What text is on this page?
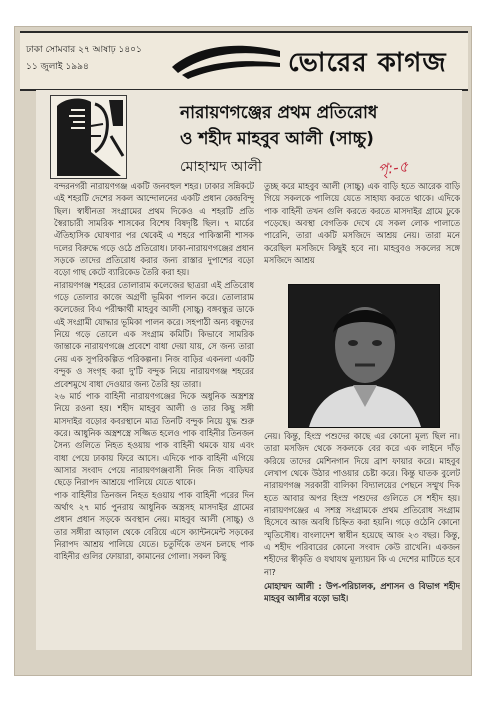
ঢাকা সোমবার ২৭ আষাঢ় ১৪০১
১১ জুলাই ১৯৯৪	ভোরের কাগজ
নারায়ণগঞ্জের প্রথম প্রতিরোধ
ও শহীদ মাহবুব আলী (সাচ্চু)
মোহাম্মদ আলী	পৃ:-৫

বন্দরনগরী নারায়ণগঞ্জ একটি জনবহুল শহর। ঢাকার সন্নিকটে এই শহরটি দেশের সকল আন্দোলনের একটি প্রধান কেন্দ্রবিন্দু ছিল। স্বাধীনতা সংগ্রামের প্রথম দিকেও এ শহরটি প্রতি স্বৈরাচারী সামরিক শাসকের বিশেষ বিষদৃষ্টি ছিল। ৭ মার্চের ঐতিহাসিক ঘোষণার পর থেকেই এ শহরে পাকিস্তানী শাসক দলের বিরুদ্ধে গড়ে ওঠে প্রতিরোধ। ঢাকা-নারায়ণগঞ্জের প্রধান সড়কে তাদের প্রতিরোধ করার জন্য রাস্তার দুপাশের বড়ো বড়ো গাছ কেটে ব্যারিকেড তৈরি করা হয়।

নারায়ণগঞ্জ শহরের তোলারাম কলেজের ছাত্ররা এই প্রতিরোধ গড়ে তোলার কাজে অগ্রণী ভূমিকা পালন করে। তোলারাম কলেজের বিএ পরীক্ষার্থী মাহবুব আলী (সাচ্চু) বঙ্গবন্ধুর ডাকে এই সংগ্রামী যোদ্ধার ভূমিকা পালন করে। সহপাঠী অন্য বন্ধুদের নিয়ে গড়ে তোলে এক সংগ্রাম কমিটি। কিভাবে সামরিক জান্তাকে নারায়ণগঞ্জে প্রবেশে বাধা দেয়া যায়, সে জন্য তারা নেয় এক সুপরিকল্পিত পরিকল্পনা। নিজ বাড়ির একনলা একটি বন্দুক ও সংগৃহ করা দু'টি বন্দুক নিয়ে নারায়ণগঞ্জ শহরের প্রবেশমুখে বাধা দেওয়ার জন্য তৈরি হয় তারা।

২৬ মার্চ পাক বাহিনী নারায়ণগঞ্জের দিকে অধুনিক অস্ত্রশস্ত্র নিয়ে রওনা হয়। শহীদ মাহবুব আলী ও তার কিছু সঙ্গী মাসদাইর বড়োর কবরস্থানে মাত্র তিনটি বন্দুক নিয়ে যুদ্ধ শুরু করে। আধুনিক অস্ত্রশস্ত্রে সজ্জিত হলেও পাক বাহিনীর তিনজন সৈন্য গুলিতে নিহত হওয়ায় পাক বাহিনী থমকে যায় এবং বাধা পেয়ে ঢাকায় ফিরে আসে। এদিকে পাক বাহিনী এগিয়ে আসার সংবাদ পেয়ে নারায়ণগঞ্জবাসী নিজ নিজ বাড়িঘর ছেড়ে নিরাপদ আশ্রয়ে পালিয়ে যেতে থাকে।

পাক বাহিনীর তিনজন নিহত হওয়ায় পাক বাহিনী পরের দিন অর্থাৎ ২৭ মার্চ পুনরায় আধুনিক অস্ত্রসহ মাসদাইর গ্রামের প্রধান প্রধান সড়কে অবস্থান নেয়। মাহবুব আলী (সাচ্চু) ও তার সঙ্গীরা আড়াল থেকে বেরিয়ে এসে ক্যান্টনমেন্ট সড়কের নিরাপদ আশ্রয় পালিয়ে যেতে। চতুর্দিকে তখন চলছে পাক বাহিনীর গুলির ফোয়ারা, কামানের গোলা। সকল কিছু

তুচ্ছ করে মাহবুব আলী (সাচ্চু) এক বাড়ি হতে আরেক বাড়ি গিয়ে সকলকে পালিয়ে যেতে সাহায্য করতে থাকে। এদিকে পাক বাহিনী তখন গুলি করতে করতে মাসদাইর গ্রামে ঢুকে পড়েছে। অবস্থা বেগতিক দেখে যে সকল লোক পালাতে পারেনি, তারা একটি মসজিদে আশ্রয় নেয়। তারা মনে করেছিল মসজিদে কিছুই হবে না। মাহবুবও সকলের সঙ্গে মসজিদে আশ্রয়

নেয়। কিন্তু, হিংস্র পশুদের কাছে এর কোনো মূল্য ছিল না। তারা মসজিদ থেকে সকলকে বের করে এক লাইনে দাঁড় করিয়ে তাদের মেশিনগান দিয়ে ব্রাশ ফায়ার করে। মাহবুব লেখাপ থেকে উঠার পাওয়ার চেষ্টা করে। কিন্তু ঘাতক বুলেট নারায়ণগঞ্জ সরকারী বালিকা বিদ্যালয়ের পেছনে সম্মুখ দিক হতে আবার অপর হিংস্র পশুদের গুলিতে সে শহীদ হয়। নারায়ণগঞ্জের এ সশস্ত্র সংগ্রামকে প্রথম প্রতিরোধ সংগ্রাম হিসেবে আজ অবধি চিহ্নিত করা হয়নি। গড়ে ওঠেনি কোনো স্মৃতিসৌধ। বাংলাদেশ স্বাধীন হয়েছে আজ ২৩ বছর। কিন্তু, এ শহীদ পরিবারের কোনো সংবাদ কেউ রাখেনি। একজন শহীদের স্বীকৃতি ও যথাযথ মূল্যায়ন কি এ দেশের মাটিতে হবে না?

মোহাম্মদ আলী : উপ-পরিচালক, প্রশাসন ও বিভাগ শহীদ মাহবুব আলীর বড়ো ভাই।
